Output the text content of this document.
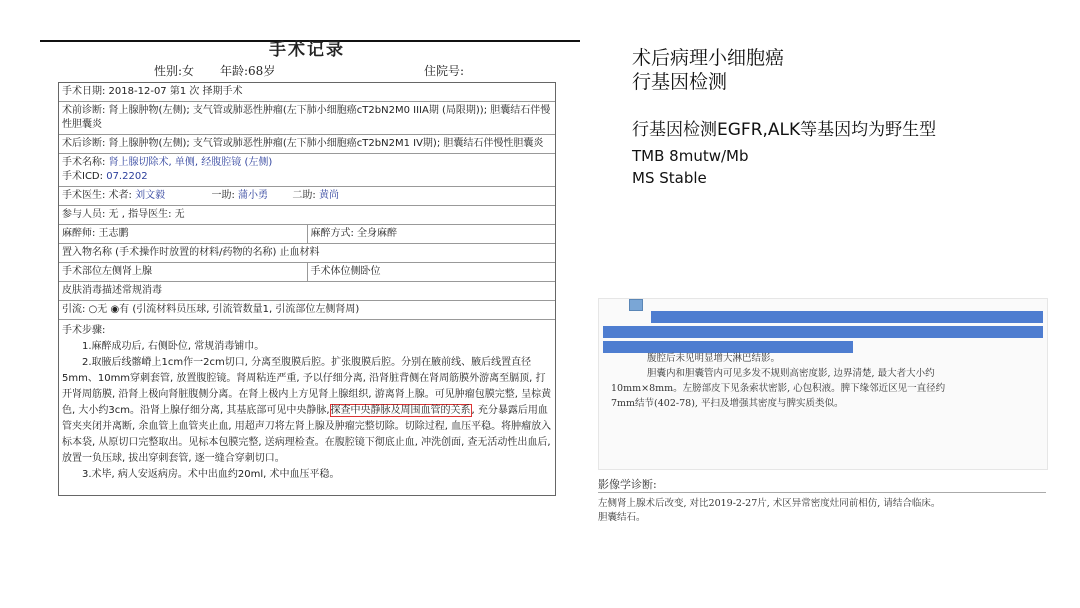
手术记录
性别:女 年龄:68岁	住院号:
手术日期: 2018-12-07 第1 次 择期手术
术前诊断: 肾上腺肿物(左侧); 支气管或肺恶性肿瘤(左下肺小细胞癌cT2bN2M0 IIIA期 (局限期)); 胆囊结石伴慢性胆囊炎
术后诊断: 肾上腺肿物(左侧); 支气管或肺恶性肿瘤(左下肺小细胞癌cT2bN2M1 IV期); 胆囊结石伴慢性胆囊炎
手术名称: 肾上腺切除术, 单侧, 经腹腔镜 (左侧)
手术ICD: 07.2202
手术医生: 术者: 刘文毅	一助: 蒲小勇 二助: 黄尚
参与人员: 无 , 指导医生: 无
麻醉师: 王志鹏	麻醉方式: 全身麻醉
置入物名称 (手术操作时放置的材料/药物的名称) 止血材料
手术部位左侧肾上腺	手术体位侧卧位
皮肤消毒描述常规消毒
引流: ○无 ◉有 (引流材料员压球, 引流管数量1, 引流部位左侧肾周)

手术步骤:

1.麻醉成功后, 右侧卧位, 常规消毒铺巾。

2.取腋后线髂嵴上1cm作一2cm切口, 分离至腹膜后腔。扩张腹膜后腔。分别在腋前线、腋后线置直径5mm、10mm穿刺套管, 放置腹腔镜。肾周粘连严重, 予以仔细分离, 沿肾脏背侧在肾周筋膜外游离至膈顶, 打开肾周筋膜, 沿肾上极向肾脏腹侧分离。在肾上极内上方见肾上腺组织, 游离肾上腺。可见肿瘤包膜完整, 呈棕黄色, 大小约3cm。沿肾上腺仔细分离, 其基底部可见中央静脉,探查中央静脉及周围血管的关系, 充分暴露后用血管夹夹闭并离断, 余血管上血管夹止血, 用超声刀将左肾上腺及肿瘤完整切除。切除过程, 血压平稳。将肿瘤放入标本袋, 从原切口完整取出。见标本包膜完整, 送病理检查。在腹腔镜下彻底止血, 冲洗创面, 查无活动性出血后, 放置一负压球, 拔出穿刺套管, 逐一缝合穿刺切口。

3.术毕, 病人安返病房。术中出血约20ml, 术中血压平稳。

术后病理小细胞癌
行基因检测
行基因检测EGFR,ALK等基因均为野生型
TMB 8mutw/Mb
MS Stable
腹腔后未见明显增大淋巴结影。
胆囊内和胆囊管内可见多发不规则高密度影, 边界清楚, 最大者大小约
10mm×8mm。左膀部皮下见条索状密影, 心包积液。脾下缘邻近区见一直径约
7mm结节(402-78), 平扫及增强其密度与脾实质类似。
影像学诊断:
左侧肾上腺术后改变, 对比2019-2-27片, 术区异常密度灶同前相仿, 请结合临床。
胆囊结石。
